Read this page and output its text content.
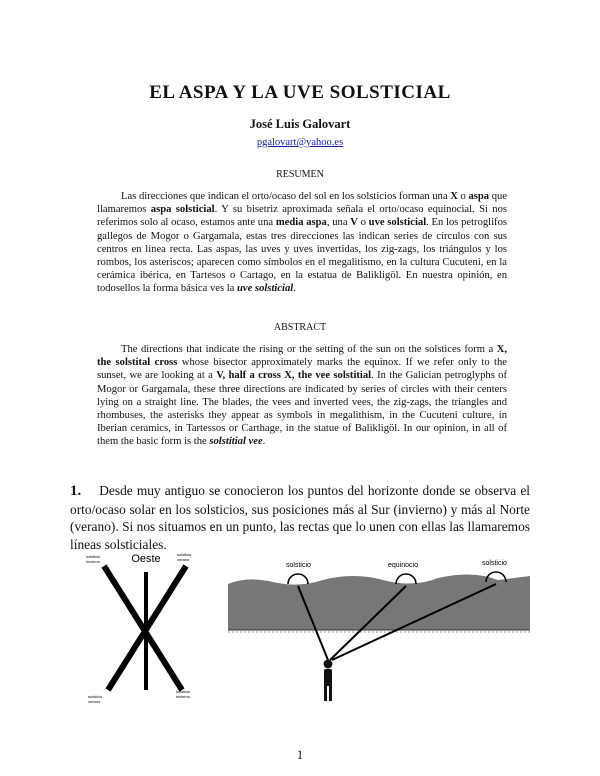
EL ASPA Y LA UVE SOLSTICIAL
José Luis Galovart
pgalovart@yahoo.es
RESUMEN

Las direcciones que indican el orto/ocaso del sol en los solsticios forman una X o aspa que llamaremos aspa solsticial. Y su bisetriz aproximada señala el orto/ocaso equinocial. Si nos referimos solo al ocaso, estamos ante una media aspa, una V o uve solsticial. En los petroglifos gallegos de Mogor o Gargamala, estas tres direcciones las indican series de círculos con sus centros en línea recta. Las aspas, las uves y uves invertidas, los zig-zags, los triángulos y los rombos, los asteriscos; aparecen como símbolos en el megalitismo, en la cultura Cucuteni, en la cerámica ibérica, en Tartesos o Cartago, en la estatua de Balikligöl. En nuestra opinión, en todosellos la forma básica ves la uve solsticial.

ABSTRACT

The directions that indicate the rising or the setting of the sun on the solstices form a X, the solstital cross whose bisector approximately marks the equinox. If we refer only to the sunset, we are looking at a V, half a cross X, the vee solstitial. In the Galician petroglyphs of Mogor or Gargamala, these three directions are indicated by series of circles with their centers lying on a straight line. The blades, the vees and inverted vees, the zig-zags, the triangles and rhombuses, the asterisks they appear as symbols in megalithism, in the Cucuteni culture, in Iberian ceramics, in Tartessos or Carthage, in the statue of Balikligöl. In our opinion, in all of them the basic form is the solstitial vee.

1. Desde muy antiguo se conocieron los puntos del horizonte donde se observa el orto/ocaso solar en los solsticios, sus posiciones más al Sur (invierno) y más al Norte (verano). Si nos situamos en un punto, las rectas que lo unen con ellas las llamaremos líneas solsticiales.
Oeste
solsticio
invierno
solsticio
verano
solsticio
verano
solsticio
invierno
solsticio	equinocio	solsticio
1
